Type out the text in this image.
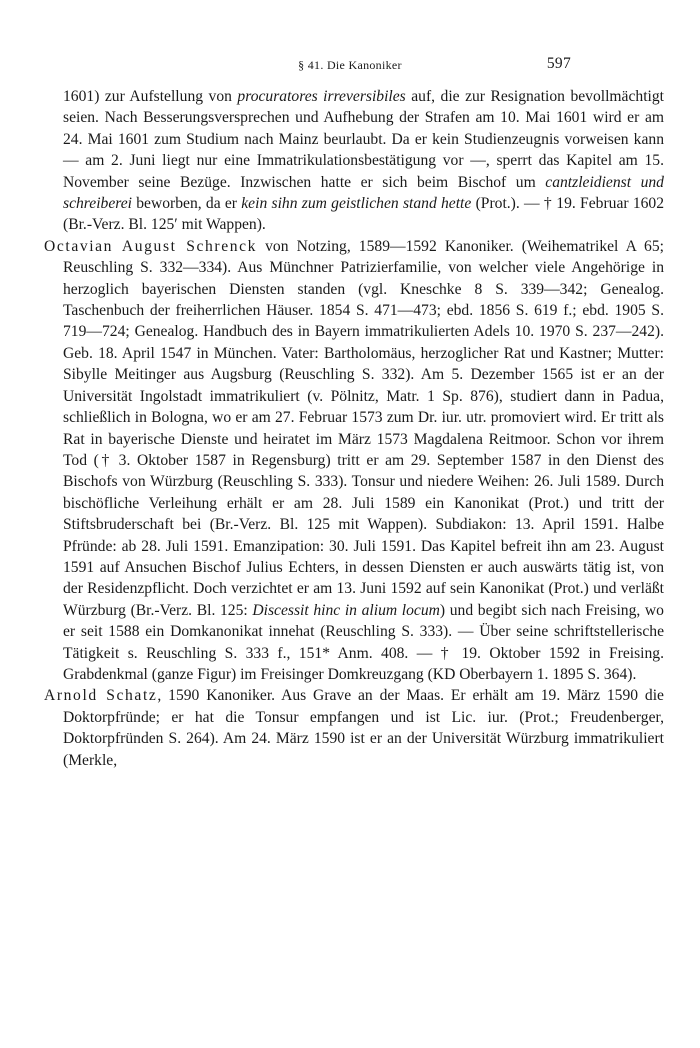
§ 41. Die Kanoniker	597

1601) zur Aufstellung von procuratores irreversibiles auf, die zur Resignation bevollmächtigt seien. Nach Besserungsversprechen und Aufhebung der Strafen am 10. Mai 1601 wird er am 24. Mai 1601 zum Studium nach Mainz beurlaubt. Da er kein Studienzeugnis vorweisen kann — am 2. Juni liegt nur eine Immatrikulationsbestätigung vor —, sperrt das Kapitel am 15. November seine Bezüge. Inzwischen hatte er sich beim Bischof um cantzleidienst und schreiberei beworben, da er kein sihn zum geistlichen stand hette (Prot.). — † 19. Februar 1602 (Br.-Verz. Bl. 125′ mit Wappen).

Octavian August Schrenck von Notzing, 1589—1592 Kanoniker. (Weihematrikel A 65; Reuschling S. 332—334). Aus Münchner Patrizierfamilie, von welcher viele Angehörige in herzoglich bayerischen Diensten standen (vgl. Kneschke 8 S. 339—342; Genealog. Taschenbuch der freiherrlichen Häuser. 1854 S. 471—473; ebd. 1856 S. 619 f.; ebd. 1905 S. 719—724; Genealog. Handbuch des in Bayern immatrikulierten Adels 10. 1970 S. 237—242). Geb. 18. April 1547 in München. Vater: Bartholomäus, herzoglicher Rat und Kastner; Mutter: Sibylle Meitinger aus Augsburg (Reuschling S. 332). Am 5. Dezember 1565 ist er an der Universität Ingolstadt immatrikuliert (v. Pölnitz, Matr. 1 Sp. 876), studiert dann in Padua, schließlich in Bologna, wo er am 27. Februar 1573 zum Dr. iur. utr. promoviert wird. Er tritt als Rat in bayerische Dienste und heiratet im März 1573 Magdalena Reitmoor. Schon vor ihrem Tod († 3. Oktober 1587 in Regensburg) tritt er am 29. September 1587 in den Dienst des Bischofs von Würzburg (Reuschling S. 333). Tonsur und niedere Weihen: 26. Juli 1589. Durch bischöfliche Verleihung erhält er am 28. Juli 1589 ein Kanonikat (Prot.) und tritt der Stiftsbruderschaft bei (Br.-Verz. Bl. 125 mit Wappen). Subdiakon: 13. April 1591. Halbe Pfründe: ab 28. Juli 1591. Emanzipation: 30. Juli 1591. Das Kapitel befreit ihn am 23. August 1591 auf Ansuchen Bischof Julius Echters, in dessen Diensten er auch auswärts tätig ist, von der Residenzpflicht. Doch verzichtet er am 13. Juni 1592 auf sein Kanonikat (Prot.) und verläßt Würzburg (Br.-Verz. Bl. 125: Discessit hinc in alium locum) und begibt sich nach Freising, wo er seit 1588 ein Domkanonikat innehat (Reuschling S. 333). — Über seine schriftstellerische Tätigkeit s. Reuschling S. 333 f., 151* Anm. 408. — † 19. Oktober 1592 in Freising. Grabdenkmal (ganze Figur) im Freisinger Domkreuzgang (KD Oberbayern 1. 1895 S. 364).

Arnold Schatz, 1590 Kanoniker. Aus Grave an der Maas. Er erhält am 19. März 1590 die Doktorpfründe; er hat die Tonsur empfangen und ist Lic. iur. (Prot.; Freudenberger, Doktorpfründen S. 264). Am 24. März 1590 ist er an der Universität Würzburg immatrikuliert (Merkle,
